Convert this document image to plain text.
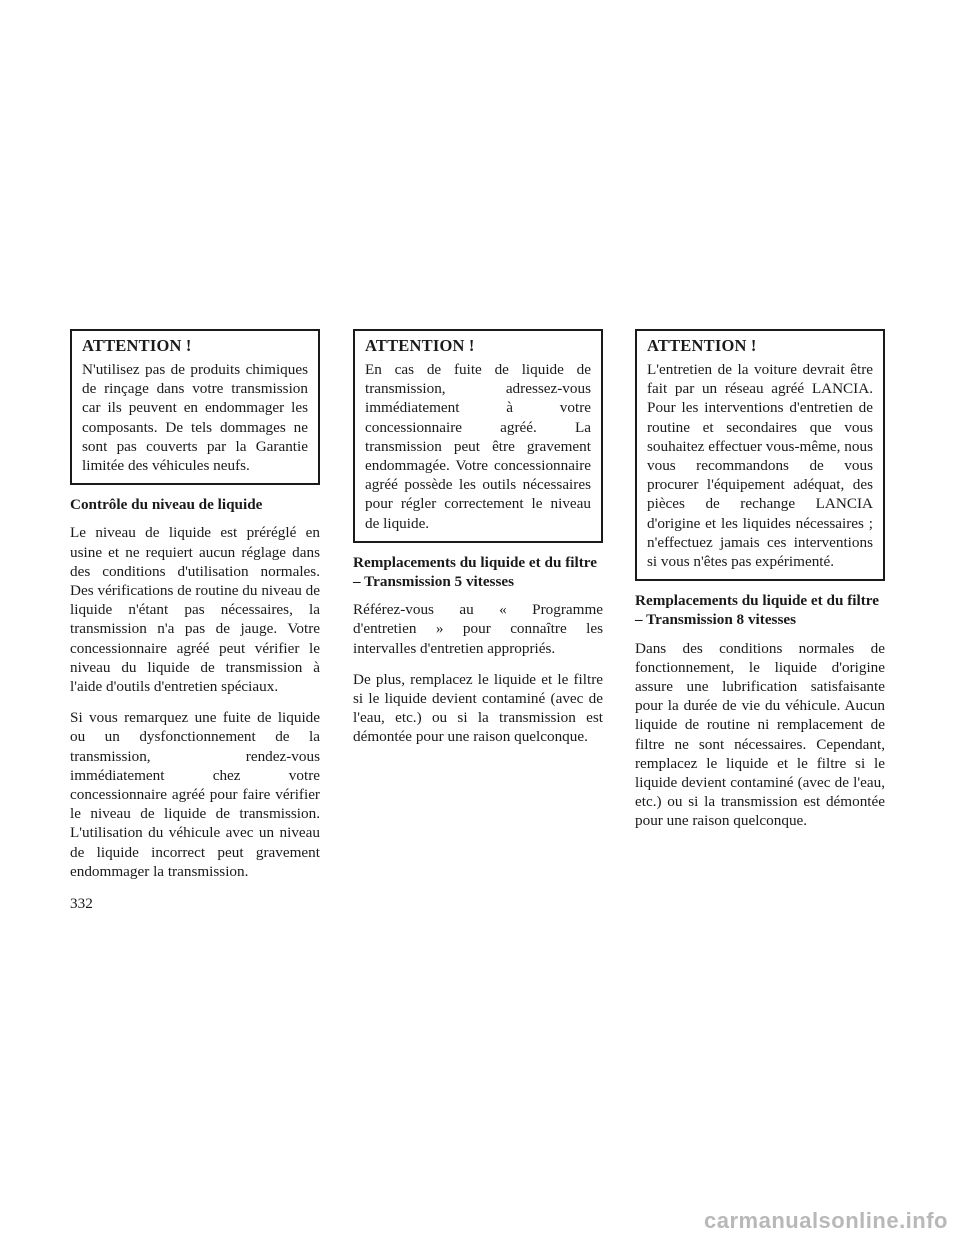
ATTENTION !

N'utilisez pas de produits chimiques de rinçage dans votre transmission car ils peuvent en endommager les composants. De tels dommages ne sont pas couverts par la Garantie limitée des véhicules neufs.

Contrôle du niveau de liquide

Le niveau de liquide est préréglé en usine et ne requiert aucun réglage dans des conditions d'utilisation normales. Des vérifications de routine du niveau de liquide n'étant pas nécessaires, la transmission n'a pas de jauge. Votre concessionnaire agréé peut vérifier le niveau du liquide de transmission à l'aide d'outils d'entretien spéciaux.

Si vous remarquez une fuite de liquide ou un dysfonctionnement de la transmission, rendez-vous immédiatement chez votre concessionnaire agréé pour faire vérifier le niveau de liquide de transmission. L'utilisation du véhicule avec un niveau de liquide incorrect peut gravement endommager la transmission.

ATTENTION !

En cas de fuite de liquide de transmission, adressez-vous immédiatement à votre concessionnaire agréé. La transmission peut être gravement endommagée. Votre concessionnaire agréé possède les outils nécessaires pour régler correctement le niveau de liquide.

Remplacements du liquide et du filtre – Transmission 5 vitesses

Référez-vous au « Programme d'entretien » pour connaître les intervalles d'entretien appropriés.

De plus, remplacez le liquide et le filtre si le liquide devient contaminé (avec de l'eau, etc.) ou si la transmission est démontée pour une raison quelconque.

ATTENTION !

L'entretien de la voiture devrait être fait par un réseau agréé LANCIA. Pour les interventions d'entretien de routine et secondaires que vous souhaitez effectuer vous-même, nous vous recommandons de vous procurer l'équipement adéquat, des pièces de rechange LANCIA d'origine et les liquides nécessaires ; n'effectuez jamais ces interventions si vous n'êtes pas expérimenté.

Remplacements du liquide et du filtre – Transmission 8 vitesses

Dans des conditions normales de fonctionnement, le liquide d'origine assure une lubrification satisfaisante pour la durée de vie du véhicule. Aucun liquide de routine ni remplacement de filtre ne sont nécessaires. Cependant, remplacez le liquide et le filtre si le liquide devient contaminé (avec de l'eau, etc.) ou si la transmission est démontée pour une raison quelconque.

332
carmanualsonline.info
